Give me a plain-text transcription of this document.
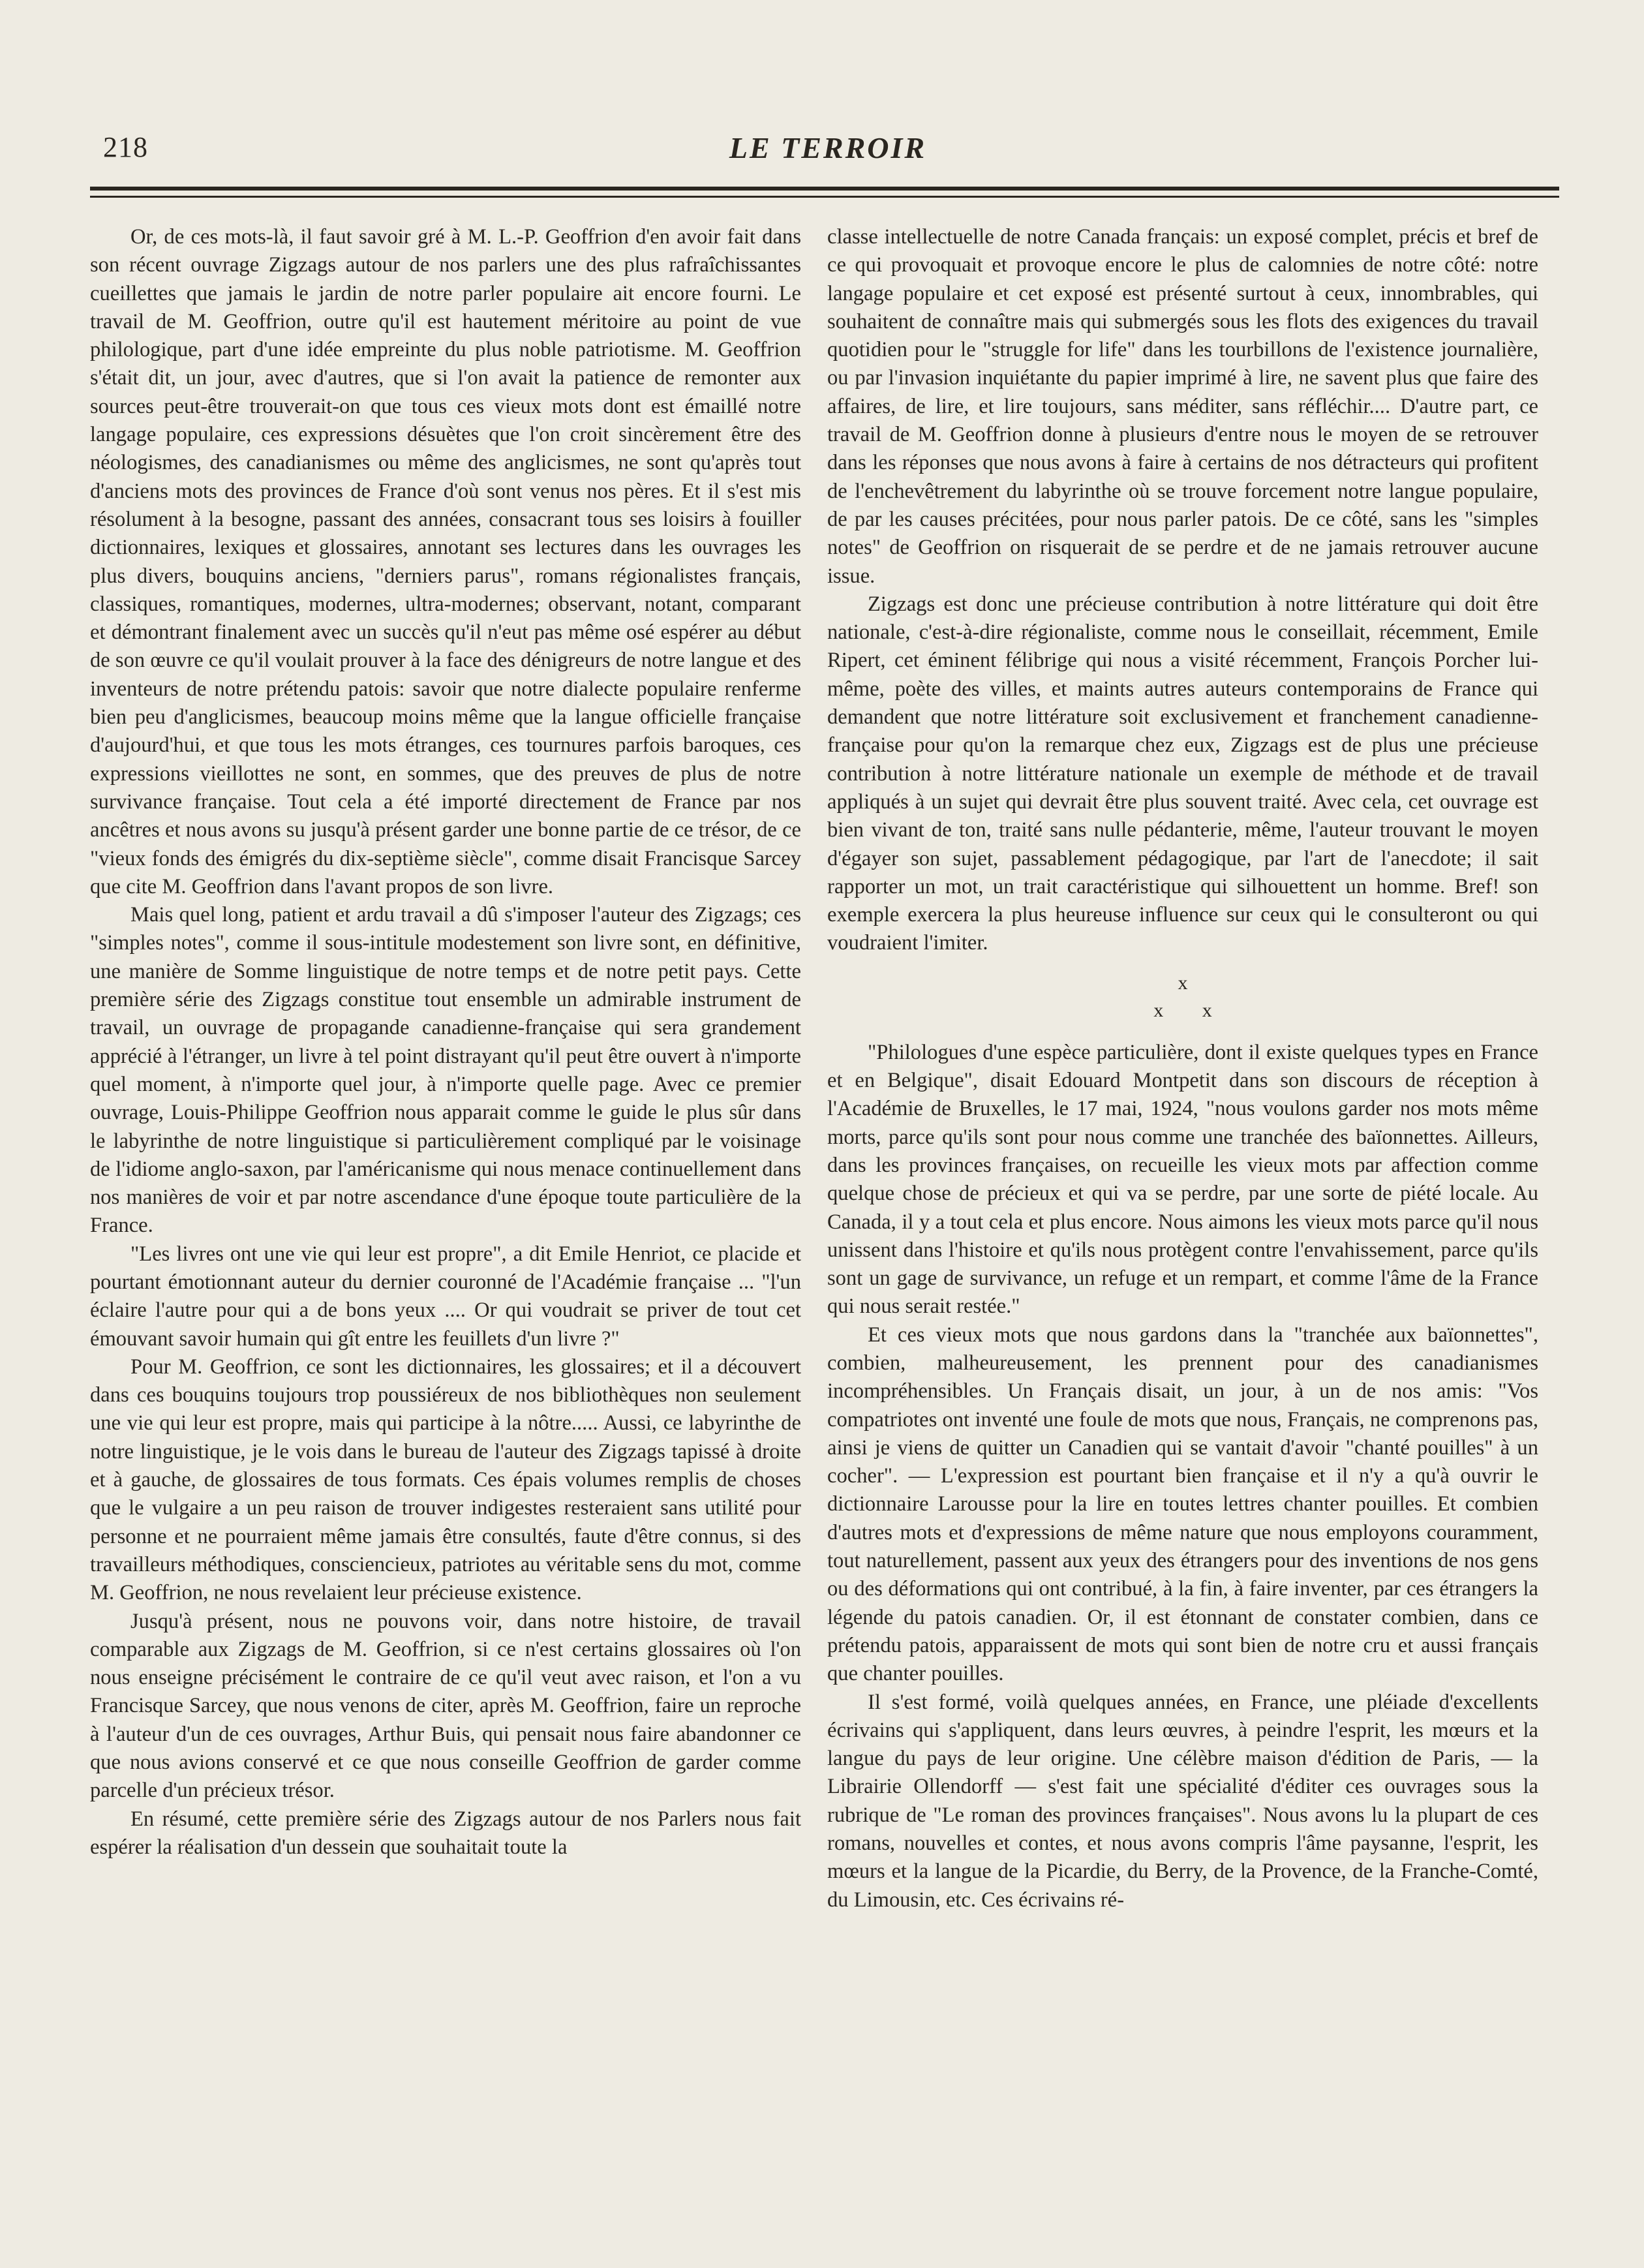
218	LE TERROIR

Or, de ces mots-là, il faut savoir gré à M. L.-P. Geoffrion d'en avoir fait dans son récent ouvrage Zigzags autour de nos parlers une des plus rafraîchissantes cueillettes que jamais le jardin de notre parler populaire ait encore fourni. Le travail de M. Geoffrion, outre qu'il est hautement méritoire au point de vue philologique, part d'une idée empreinte du plus noble patriotisme. M. Geoffrion s'était dit, un jour, avec d'autres, que si l'on avait la patience de remonter aux sources peut-être trouverait-on que tous ces vieux mots dont est émaillé notre langage populaire, ces expressions désuètes que l'on croit sincèrement être des néologismes, des canadianismes ou même des anglicismes, ne sont qu'après tout d'anciens mots des provinces de France d'où sont venus nos pères. Et il s'est mis résolument à la besogne, passant des années, consacrant tous ses loisirs à fouiller dictionnaires, lexiques et glossaires, annotant ses lectures dans les ouvrages les plus divers, bouquins anciens, "derniers parus", romans régionalistes français, classiques, romantiques, modernes, ultra-modernes; observant, notant, comparant et démontrant finalement avec un succès qu'il n'eut pas même osé espérer au début de son œuvre ce qu'il voulait prouver à la face des dénigreurs de notre langue et des inventeurs de notre prétendu patois: savoir que notre dialecte populaire renferme bien peu d'anglicismes, beaucoup moins même que la langue officielle française d'aujourd'hui, et que tous les mots étranges, ces tournures parfois baroques, ces expressions vieillottes ne sont, en sommes, que des preuves de plus de notre survivance française. Tout cela a été importé directement de France par nos ancêtres et nous avons su jusqu'à présent garder une bonne partie de ce trésor, de ce "vieux fonds des émigrés du dix-septième siècle", comme disait Francisque Sarcey que cite M. Geoffrion dans l'avant propos de son livre.

Mais quel long, patient et ardu travail a dû s'imposer l'auteur des Zigzags; ces "simples notes", comme il sous-intitule modestement son livre sont, en définitive, une manière de Somme linguistique de notre temps et de notre petit pays. Cette première série des Zigzags constitue tout ensemble un admirable instrument de travail, un ouvrage de propagande canadienne-française qui sera grandement apprécié à l'étranger, un livre à tel point distrayant qu'il peut être ouvert à n'importe quel moment, à n'importe quel jour, à n'importe quelle page. Avec ce premier ouvrage, Louis-Philippe Geoffrion nous apparait comme le guide le plus sûr dans le labyrinthe de notre linguistique si particulièrement compliqué par le voisinage de l'idiome anglo-saxon, par l'américanisme qui nous menace continuellement dans nos manières de voir et par notre ascendance d'une époque toute particulière de la France.

"Les livres ont une vie qui leur est propre", a dit Emile Henriot, ce placide et pourtant émotionnant auteur du dernier couronné de l'Académie française ... "l'un éclaire l'autre pour qui a de bons yeux .... Or qui voudrait se priver de tout cet émouvant savoir humain qui gît entre les feuillets d'un livre ?"

Pour M. Geoffrion, ce sont les dictionnaires, les glossaires; et il a découvert dans ces bouquins toujours trop poussiéreux de nos bibliothèques non seulement une vie qui leur est propre, mais qui participe à la nôtre..... Aussi, ce labyrinthe de notre linguistique, je le vois dans le bureau de l'auteur des Zigzags tapissé à droite et à gauche, de glossaires de tous formats. Ces épais volumes remplis de choses que le vulgaire a un peu raison de trouver indigestes resteraient sans utilité pour personne et ne pourraient même jamais être consultés, faute d'être connus, si des travailleurs méthodiques, consciencieux, patriotes au véritable sens du mot, comme M. Geoffrion, ne nous revelaient leur précieuse existence.

Jusqu'à présent, nous ne pouvons voir, dans notre histoire, de travail comparable aux Zigzags de M. Geoffrion, si ce n'est certains glossaires où l'on nous enseigne précisément le contraire de ce qu'il veut avec raison, et l'on a vu Francisque Sarcey, que nous venons de citer, après M. Geoffrion, faire un reproche à l'auteur d'un de ces ouvrages, Arthur Buis, qui pensait nous faire abandonner ce que nous avions conservé et ce que nous conseille Geoffrion de garder comme parcelle d'un précieux trésor.

En résumé, cette première série des Zigzags autour de nos Parlers nous fait espérer la réalisation d'un dessein que souhaitait toute la

classe intellectuelle de notre Canada français: un exposé complet, précis et bref de ce qui provoquait et provoque encore le plus de calomnies de notre côté: notre langage populaire et cet exposé est présenté surtout à ceux, innombrables, qui souhaitent de connaître mais qui submergés sous les flots des exigences du travail quotidien pour le "struggle for life" dans les tourbillons de l'existence journalière, ou par l'invasion inquiétante du papier imprimé à lire, ne savent plus que faire des affaires, de lire, et lire toujours, sans méditer, sans réfléchir.... D'autre part, ce travail de M. Geoffrion donne à plusieurs d'entre nous le moyen de se retrouver dans les réponses que nous avons à faire à certains de nos détracteurs qui profitent de l'enchevêtrement du labyrinthe où se trouve forcement notre langue populaire, de par les causes précitées, pour nous parler patois. De ce côté, sans les "simples notes" de Geoffrion on risquerait de se perdre et de ne jamais retrouver aucune issue.

Zigzags est donc une précieuse contribution à notre littérature qui doit être nationale, c'est-à-dire régionaliste, comme nous le conseillait, récemment, Emile Ripert, cet éminent félibrige qui nous a visité récemment, François Porcher lui-même, poète des villes, et maints autres auteurs contemporains de France qui demandent que notre littérature soit exclusivement et franchement canadienne-française pour qu'on la remarque chez eux, Zigzags est de plus une précieuse contribution à notre littérature nationale un exemple de méthode et de travail appliqués à un sujet qui devrait être plus souvent traité. Avec cela, cet ouvrage est bien vivant de ton, traité sans nulle pédanterie, même, l'auteur trouvant le moyen d'égayer son sujet, passablement pédagogique, par l'art de l'anecdote; il sait rapporter un mot, un trait caractéristique qui silhouettent un homme. Bref! son exemple exercera la plus heureuse influence sur ceux qui le consulteront ou qui voudraient l'imiter.

x
x x

"Philologues d'une espèce particulière, dont il existe quelques types en France et en Belgique", disait Edouard Montpetit dans son discours de réception à l'Académie de Bruxelles, le 17 mai, 1924, "nous voulons garder nos mots même morts, parce qu'ils sont pour nous comme une tranchée des baïonnettes. Ailleurs, dans les provinces françaises, on recueille les vieux mots par affection comme quelque chose de précieux et qui va se perdre, par une sorte de piété locale. Au Canada, il y a tout cela et plus encore. Nous aimons les vieux mots parce qu'il nous unissent dans l'histoire et qu'ils nous protègent contre l'envahissement, parce qu'ils sont un gage de survivance, un refuge et un rempart, et comme l'âme de la France qui nous serait restée."

Et ces vieux mots que nous gardons dans la "tranchée aux baïonnettes", combien, malheureusement, les prennent pour des canadianismes incompréhensibles. Un Français disait, un jour, à un de nos amis: "Vos compatriotes ont inventé une foule de mots que nous, Français, ne comprenons pas, ainsi je viens de quitter un Canadien qui se vantait d'avoir "chanté pouilles" à un cocher". — L'expression est pourtant bien française et il n'y a qu'à ouvrir le dictionnaire Larousse pour la lire en toutes lettres chanter pouilles. Et combien d'autres mots et d'expressions de même nature que nous employons couramment, tout naturellement, passent aux yeux des étrangers pour des inventions de nos gens ou des déformations qui ont contribué, à la fin, à faire inventer, par ces étrangers la légende du patois canadien. Or, il est étonnant de constater combien, dans ce prétendu patois, apparaissent de mots qui sont bien de notre cru et aussi français que chanter pouilles.

Il s'est formé, voilà quelques années, en France, une pléiade d'excellents écrivains qui s'appliquent, dans leurs œuvres, à peindre l'esprit, les mœurs et la langue du pays de leur origine. Une célèbre maison d'édition de Paris, — la Librairie Ollendorff — s'est fait une spécialité d'éditer ces ouvrages sous la rubrique de "Le roman des provinces françaises". Nous avons lu la plupart de ces romans, nouvelles et contes, et nous avons compris l'âme paysanne, l'esprit, les mœurs et la langue de la Picardie, du Berry, de la Provence, de la Franche-Comté, du Limousin, etc. Ces écrivains ré-
